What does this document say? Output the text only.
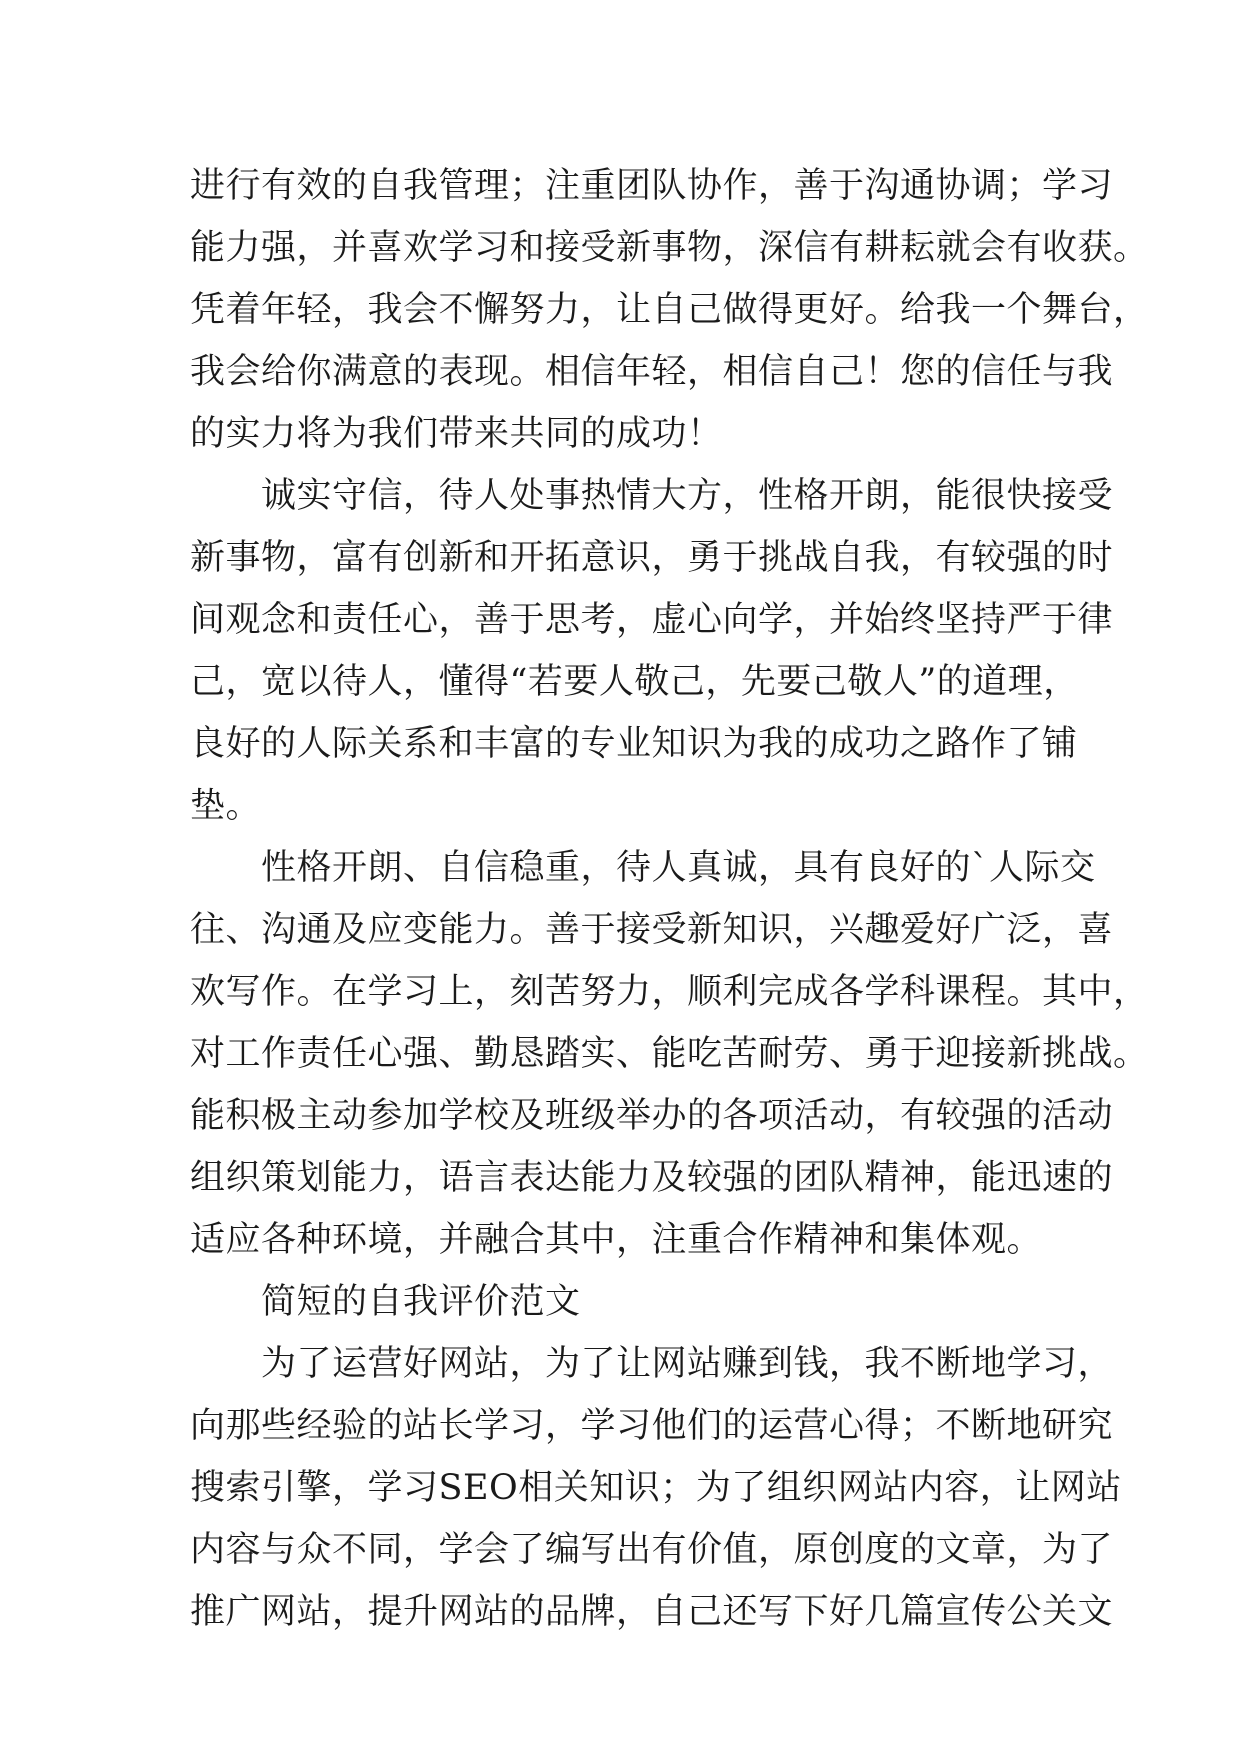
进行有效的自我管理；注重团队协作，善于沟通协调；学习
能力强，并喜欢学习和接受新事物，深信有耕耘就会有收获。
凭着年轻，我会不懈努力，让自己做得更好。给我一个舞台，
我会给你满意的表现。相信年轻，相信自己！您的信任与我
的实力将为我们带来共同的成功！
　　诚实守信，待人处事热情大方，性格开朗，能很快接受
新事物，富有创新和开拓意识，勇于挑战自我，有较强的时
间观念和责任心，善于思考，虚心向学，并始终坚持严于律
己，宽以待人，懂得“若要人敬己，先要己敬人”的道理，
良好的人际关系和丰富的专业知识为我的成功之路作了铺
垫。
　　性格开朗、自信稳重，待人真诚，具有良好的`人际交
往、沟通及应变能力。善于接受新知识，兴趣爱好广泛，喜
欢写作。在学习上，刻苦努力，顺利完成各学科课程。其中，
对工作责任心强、勤恳踏实、能吃苦耐劳、勇于迎接新挑战。
能积极主动参加学校及班级举办的各项活动，有较强的活动
组织策划能力，语言表达能力及较强的团队精神，能迅速的
适应各种环境，并融合其中，注重合作精神和集体观。
　　简短的自我评价范文
　　为了运营好网站，为了让网站赚到钱，我不断地学习，
向那些经验的站长学习，学习他们的运营心得；不断地研究
搜索引擎，学习SEO相关知识；为了组织网站内容，让网站
内容与众不同，学会了编写出有价值，原创度的文章，为了
推广网站，提升网站的品牌，自己还写下好几篇宣传公关文
